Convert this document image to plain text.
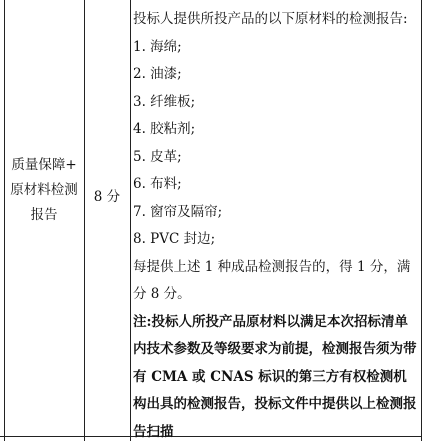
质量保障+
原材料检测
报告
8 分
投标人提供所投产品的以下原材料的检测报告:
1. 海绵;
2. 油漆;
3. 纤维板;
4. 胶粘剂;
5. 皮革;
6. 布料;
7. 窗帘及隔帘;
8. PVC 封边;
每提供上述 1 种成品检测报告的，得 1 分，满分 8 分。
注:投标人所投产品原材料以满足本次招标清单内技术参数及等级要求为前提，检测报告须为带有 CMA 或 CNAS 标识的第三方有权检测机构出具的检测报告，投标文件中提供以上检测报告扫描
